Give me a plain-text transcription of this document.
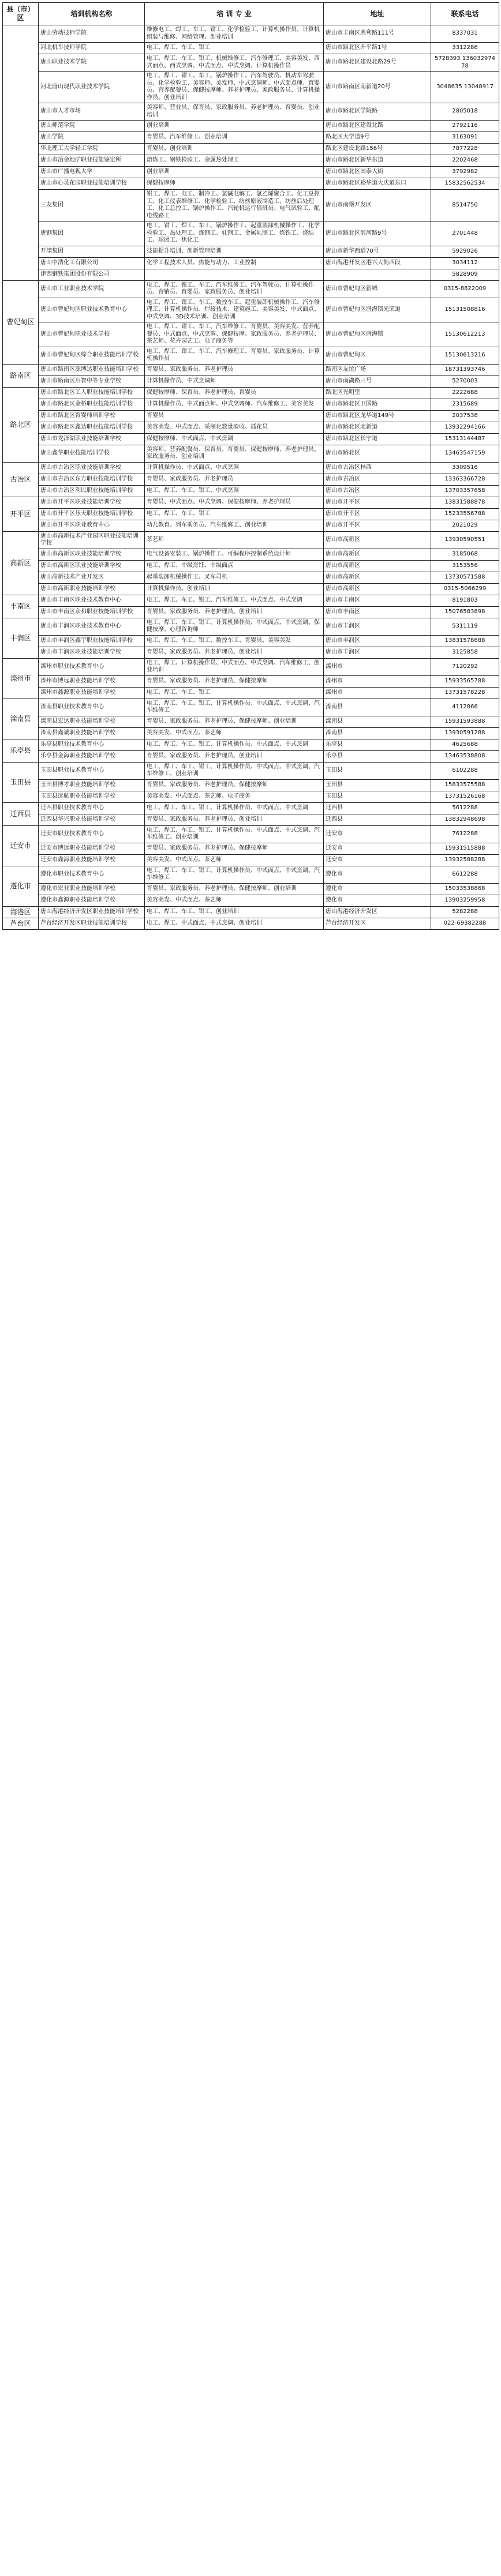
县（市）区	培训机构名称	培 训 专 业	地址	联系电话
	唐山劳动技师学院	维修电工、焊工、车工、钳工、化学检验工、计算机操作员、计算机组装与维修、网络管理、创业培训	唐山市丰南区胜利路111号	8337031
	河北机车技师学院	电工、焊工、车工、钳工	唐山市路北区开平路1号	3312286
	唐山职业技术学院	电工、焊工、车工、钳工、机械维修工、汽车修理工、美容美发、西式面点、西式烹调、中式面点、中式烹调、计算机操作员	唐山市路北区建设北路29号	5728393 13603297478
	河北唐山现代职业技术学院	电工、焊工、钳工、车工、锅炉操作工、汽车驾驶员、机动车驾驶员、化学检验工、美容师、美发师、中式烹调师、中式面点师、育婴员、营养配餐员、保健按摩师、养老护理员、家政服务员、计算机操作员、创业培训	唐山市路南区南新道20号	3048635 13048917
	唐山市人才市场	美容师、营业员、保育员、家政服务员、养老护理员、育婴员、创业培训	唐山市路北区学院路	2805018
	唐山师范学院	创业培训	唐山市路北区建设北路	2792116
	唐山学院	育婴员、汽车维修工、创业培训	路北区大学道9号	3163091
	华北理工大学轻工学院	育婴员、创业培训	路北区建设北路156号	7877228
	唐山市冶金地矿职业技能鉴定所	熔炼工、钢铁检验工、金属热处理工	唐山市路北区新华东道	2202468
	唐山市广播电视大学	创业培训	唐山市路北区国泰大街	3792982
	唐山市心灵花园职业技能培训学校	保健按摩师	唐山市路北区裕华道大庆道东口	15832562534
	三友集团	钳工、焊工、电工、制冷工、氯碱电解工、氯乙烯聚合工、化工总控工、化工仪表维修工、化学检验工、纺丝原液制造工、纺丝后处理工、化工总控工、锅炉操作工、汽轮机运行值班员、电气试验工、配电线路工	唐山市南堡开发区	8514750
	唐钢集团	电工、钳工、焊工、车工、锅炉操作工、起重装卸机械操作工、化学检验工、热处理工、炼钢工、轧钢工、金属轧制工、炼铁工、烧结工、球团工、焦化工	唐山市路北区滨河路9号	2701448
	开滦集团	技能提升培训、创新管理培训	唐山市新华西道70号	5929026
	唐山中浩化工有限公司	化学工程技术人员、热能与动力、工业控制	唐山海港开发区港兴大街西段	3034112
	津西钢铁集团股份有限公司			5828909
曹妃甸区	唐山市工业职业技术学院	电工、焊工、钳工、车工、汽车维修工、汽车驾驶员、计算机操作员、营销员、育婴员、家政服务员、创业培训	唐山市曹妃甸区新城	0315-8822009
	唐山市曹妃甸区职业技术教育中心	电工、焊工、钳工、车工、数控车工、起重装卸机械操作工、汽车修理工、计算机操作员、焊接技术、建筑施工、美容美发、中式面点、中式烹调、3D技术培训、创业培训	唐山市曹妃甸区唐海镇光荣道	15131508816
	唐山市曹妃甸职业技术学校	电工、焊工、钳工、车工、汽车维修工、育婴员、美容美发、营养配餐员、中式面点、中式烹调、保健按摩、家政服务员、养老护理员、茶艺师、花卉园艺工、电子商务等	唐山市曹妃甸区唐海镇	15130612213
	唐山市曹妃甸区综合职业技能培训学校	电工、焊工、钳工、车工、汽车修理工、育婴员、家政服务员、计算机操作员	唐山市曹妃甸区	15130613216
路南区	唐山市路南区源博达职业技能培训学校	育婴员、家政服务员、养老护理员	路南区友谊广场	18731393746
	唐山市路南区启智中等专业学校	计算机操作员、中式烹调师	唐山市南湖路三号	5270003
路北区	唐山市路北区工人职业技能培训学校	保健按摩师、保育员、养老护理员、育婴员	路北区光明里	2222688
	唐山市路北区金桥职业技能培训学校	计算机操作员、中式面点师、中式烹调师、汽车维修工、美容美发	唐山市路北区卫国路	2315689
	唐山市路北区育婴师培训学校	育婴员	唐山市路北区龙华道149号	2037538
	唐山市路北区鑫达职业技能培训学校	美容美发、中式面点、采制化数量验收、插花员	唐山市路北区北新道	13932294166
	唐山市龙泽湖职业技能培训学校	保健按摩师、中式面点、中式烹调	唐山市路北区长宁道	15313144487
	唐山鑫华职业技能培训学校	美容师、营养配餐员、保育员、育婴员、保健按摩师、养老护理员、家政服务员、创业培训	唐山市路北区	13463547159
古冶区	唐山市古冶区职业技能培训学校	计算机操作员、中式面点、中式烹调	唐山市古冶区林西	3309516
	唐山市古冶区东方职业技能培训学校	育婴员、家政服务员、养老护理员	唐山市古冶区	13363366728
	唐山市古冶区利民职业技能培训学校	电工、焊工、车工、钳工、中式烹调	唐山市古冶区	13703357658
开平区	唐山市开平区职业技能培训学校	育婴员、中式面点、中式烹调、保健按摩师、养老护理员	唐山市开平区	13831588878
	唐山市开平区乐天职业技能培训学校	电工、焊工、车工、钳工	唐山市开平区	15233556788
	唐山市开平区职业教育中心	幼儿教育、列车乘务员、汽车维修工、创业培训	唐山市开平区	2021029
高新区	唐山市高新技术产业园区职业技能培训学校	茶艺师	唐山市高新区	13930590551
	唐山市高新区职业技能培训学校	电气设备安装工、锅炉操作工、可编程序控制系统设计师	唐山市高新区	3185068
	唐山市高新区职业技能培训学校	电工、焊工、中级烹饪、中级面点	唐山市高新区	3153556
	唐山高新技术产业开发区	起重装卸机械操作工、叉车司机	唐山市高新区	13730571588
	唐山市高新职业技能培训学校	计算机操作员、创业培训	唐山市高新区	0315-5066299
丰南区	唐山市丰南区职业技术教育中心	电工、焊工、车工、钳工、汽车维修工、中式面点、中式烹调	唐山市丰南区	8191803
	唐山市丰南区众和职业技能培训学校	育婴员、家政服务员、养老护理员、创业培训	唐山市丰南区	15076583898
丰润区	唐山市丰润区职业技术教育中心	电工、焊工、车工、钳工、计算机操作员、中式面点、中式烹调、保健按摩、心理咨询师	唐山市丰润区	5311119
	唐山市丰润区鑫宇职业技能培训学校	电工、焊工、车工、钳工、数控车工、育婴员、美容美发	唐山市丰润区	13831578688
	唐山市丰润区职业技能培训学校	育婴员、家政服务员、养老护理员、创业培训	唐山市丰润区	3125858
滦州市	滦州市职业技术教育中心	电工、焊工、计算机操作员、中式面点、中式烹调、汽车维修工、创业培训	滦州市	7120292
	滦州市博远职业技能培训学校	育婴员、家政服务员、养老护理员、保健按摩师	滦州市	15933565788
	滦州市鑫源职业技能培训学校	电工、焊工、车工、钳工	滦州市	13731578228
滦南县	滦南县职业技术教育中心	电工、焊工、车工、钳工、计算机操作员、中式面点、中式烹调、汽车维修工	滦南县	4112866
	滦南县宏达职业技能培训学校	育婴员、家政服务员、养老护理员、保健按摩师、创业培训	滦南县	15931593888
	滦南县鑫诚职业技能培训学校	美容美发、中式面点、茶艺师	滦南县	13930591288
乐亭县	乐亭县职业技术教育中心	电工、焊工、车工、钳工、计算机操作员、中式面点、中式烹调	乐亭县	4625688
	乐亭县金海职业技能培训学校	育婴员、家政服务员、养老护理员、创业培训	乐亭县	13463538808
玉田县	玉田县职业技术教育中心	电工、焊工、车工、钳工、计算机操作员、中式面点、中式烹调、汽车维修工、创业培训	玉田县	6102288
	玉田县博才职业技能培训学校	育婴员、家政服务员、养老护理员、保健按摩师	玉田县	15833575588
	玉田县远航职业技能培训学校	美容美发、中式面点、茶艺师、电子商务	玉田县	13731526168
迁西县	迁西县职业技术教育中心	电工、焊工、车工、钳工、计算机操作员、中式面点、中式烹调	迁西县	5612288
	迁西县华兴职业技能培训学校	育婴员、家政服务员、养老护理员、创业培训	迁西县	13832948698
迁安市	迁安市职业技术教育中心	电工、焊工、车工、钳工、计算机操作员、中式面点、中式烹调、汽车维修工、创业培训	迁安市	7612288
	迁安市博远职业技能培训学校	育婴员、家政服务员、养老护理员、保健按摩师	迁安市	15931515888
	迁安市鑫海职业技能培训学校	美容美发、中式面点、茶艺师	迁安市	13932588288
遵化市	遵化市职业技术教育中心	电工、焊工、车工、钳工、计算机操作员、中式面点、中式烹调、汽车维修工	遵化市	6612288
	遵化市宏业职业技能培训学校	育婴员、家政服务员、养老护理员、保健按摩师、创业培训	遵化市	15033538868
	遵化市鑫源职业技能培训学校	美容美发、中式面点、茶艺师	遵化市	13903259958
海港区	唐山海港经济开发区职业技能培训学校	电工、焊工、车工、钳工、创业培训	唐山海港经济开发区	5282288
芦台区	芦台经济开发区职业技能培训学校	电工、焊工、中式面点、中式烹调、创业培训	芦台经济开发区	022-69382288
